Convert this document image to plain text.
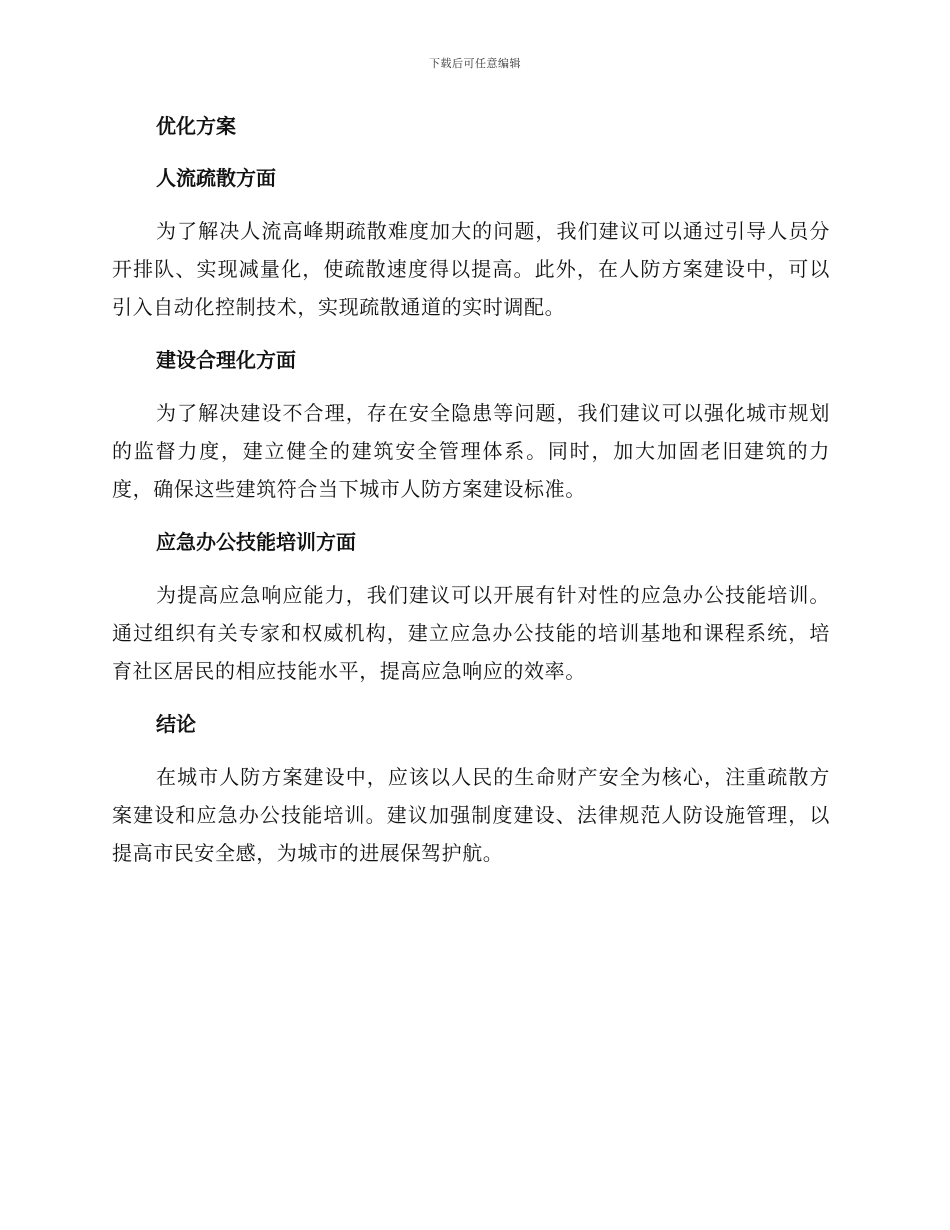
下载后可任意编辑
优化方案
人流疏散方面

为了解决人流高峰期疏散难度加大的问题，我们建议可以通过引导人员分开排队、实现减量化，使疏散速度得以提高。此外，在人防方案建设中，可以引入自动化控制技术，实现疏散通道的实时调配。

建设合理化方面

为了解决建设不合理，存在安全隐患等问题，我们建议可以强化城市规划的监督力度，建立健全的建筑安全管理体系。同时，加大加固老旧建筑的力度，确保这些建筑符合当下城市人防方案建设标准。

应急办公技能培训方面

为提高应急响应能力，我们建议可以开展有针对性的应急办公技能培训。通过组织有关专家和权威机构，建立应急办公技能的培训基地和课程系统，培育社区居民的相应技能水平，提高应急响应的效率。

结论

在城市人防方案建设中，应该以人民的生命财产安全为核心，注重疏散方案建设和应急办公技能培训。建议加强制度建设、法律规范人防设施管理，以提高市民安全感，为城市的进展保驾护航。
